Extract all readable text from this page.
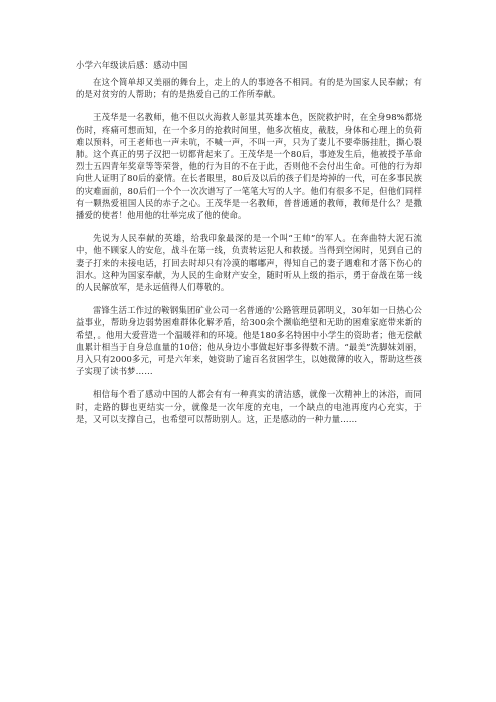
小学六年级读后感：感动中国

在这个简单却又美丽的舞台上，走上的人的事迹各不相同。有的是为国家人民奉献；有的是对贫穷的人帮助；有的是热爱自己的工作所奉献。

王茂华是一名教师，他不但以火海救人彰显其英雄本色，医院救护时，在全身98%都烧伤时，疼痛可想而知，在一个多月的抢救时间里，他多次植皮，截肢，身体和心理上的负荷难以预料，可王老师也一声未吭，不喊一声，不叫一声，只为了妻儿不要牵肠挂肚，撕心裂肺。这个真正的男子汉把一切都背起来了。王茂华是一个80后，事迹发生后，他被授予革命烈士五四青年奖章等等荣誉，他的行为目的不在于此，否则他不会付出生命。可他的行为却向世人证明了80后的豪情。在长者眼里，80后及以后的孩子们是垮掉的一代，可在多事民族的灾难面前，80后们一个个一次次谱写了一笔笔大写的人字。他们有很多不足，但他们同样有一颗热爱祖国人民的赤子之心。王茂华是一名教师，普普通通的教师，教师是什么？是撒播爱的使者！他用他的壮举完成了他的使命。

先说为人民奉献的英雄，给我印象最深的是一个叫“王帅”的军人。在奔曲特大泥石流中，他不顾家人的安危，战斗在第一线，负责转运犯人和救援。当得到空闲时，见到自己的妻子打来的未接电话，打回去时却只有冷漠的嘟嘟声，得知自己的妻子遇难和才落下伤心的泪水。这种为国家奉献，为人民的生命财产安全，随时听从上级的指示，勇于奋战在第一线的人民解放军，是永远值得人们尊敬的。

雷锋生活工作过的鞍钢集团矿业公司一名普通的'公路管理员郭明义，30年如一日热心公益事业，帮助身边弱势困难群体化解矛盾，给300余个濒临绝望和无助的困难家庭带来新的希望，。他用大爱营造一个温暖祥和的环境。他是180多名特困中小学生的资助者；他无偿献血累计相当于自身总血量的10倍；他从身边小事做起好事多得数不清。“最美”洗脚妹刘丽，月入只有2000多元，可是六年来，她资助了逾百名贫困学生，以她微薄的收入，帮助这些孩子实现了读书梦……

相信每个看了感动中国的人都会有有一种真实的清洁感，就像一次精神上的沐浴，而同时，走路的脚也更结实一分，就像是一次年度的充电，一个缺点的电池再度内心充实，于是，又可以支撑自己，也希望可以帮助别人。这，正是感动的一种力量……
